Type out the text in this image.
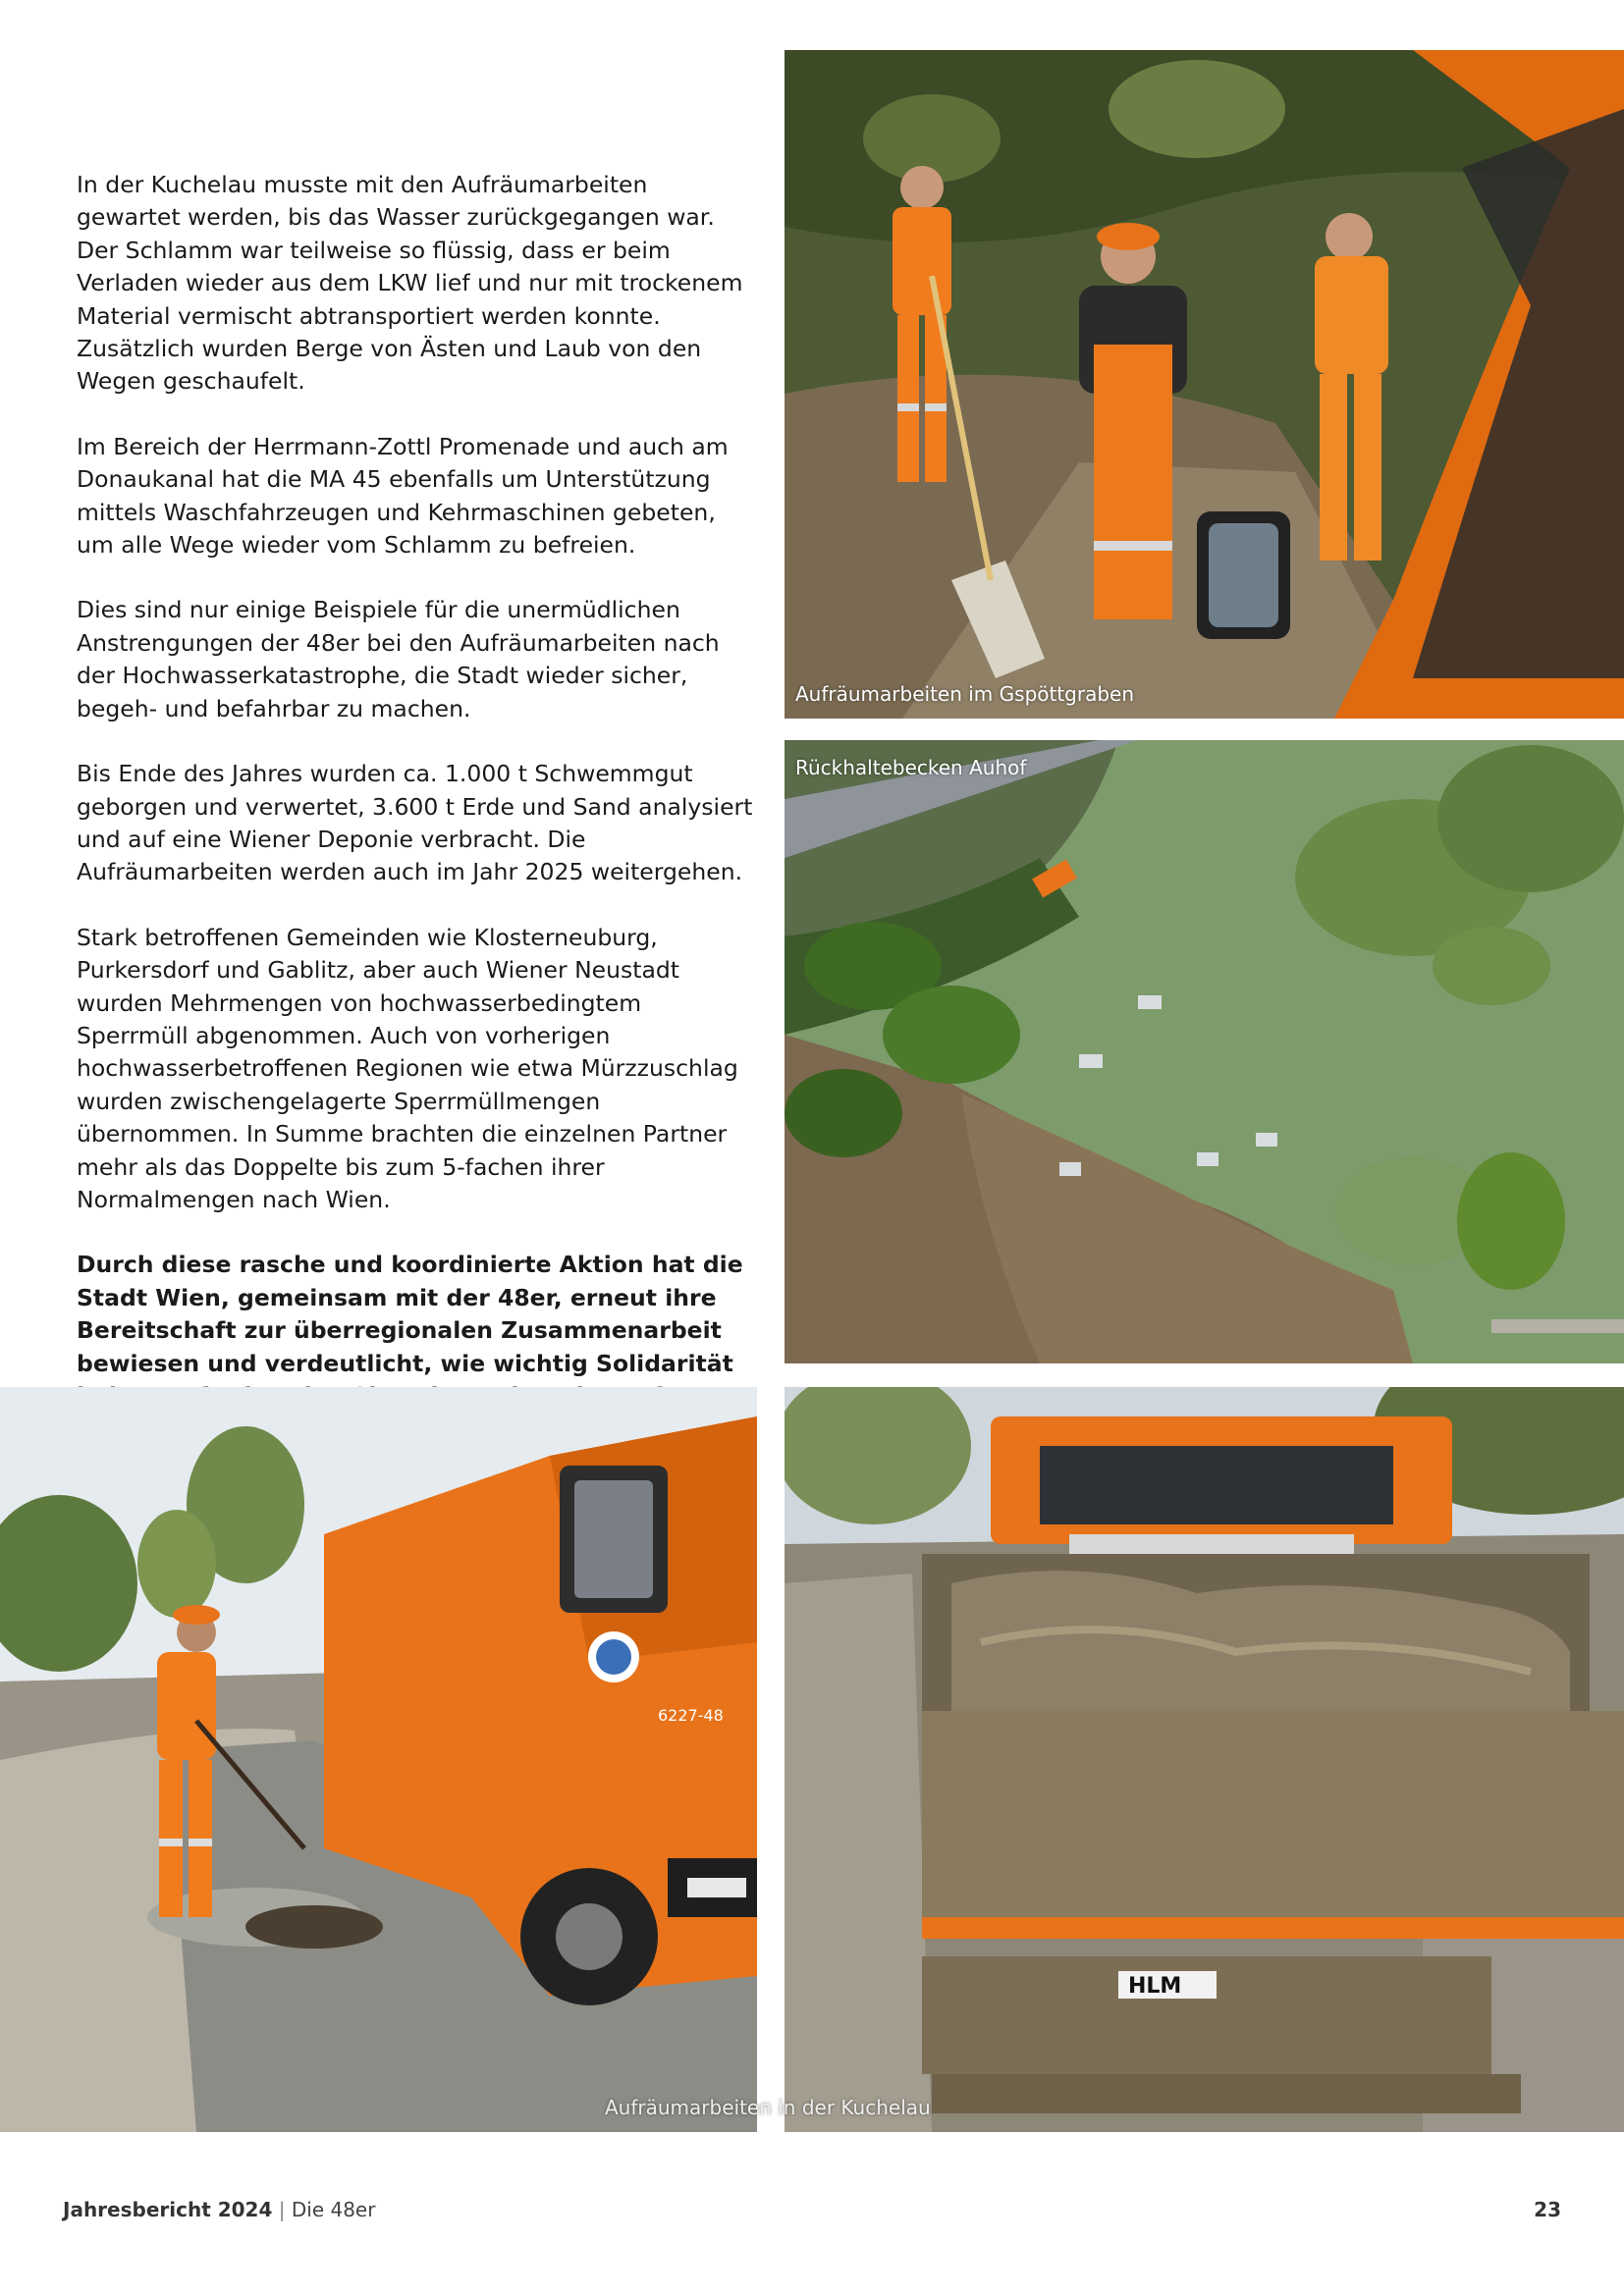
In der Kuchelau musste mit den Aufräumarbeiten gewartet werden, bis das Wasser zurückgegangen war. Der Schlamm war teilweise so flüssig, dass er beim Verladen wieder aus dem LKW lief und nur mit trockenem Material vermischt abtransportiert werden konnte. Zusätzlich wurden Berge von Ästen und Laub von den Wegen geschaufelt.

Im Bereich der Herrmann-Zottl Promenade und auch am Donaukanal hat die MA 45 ebenfalls um Unterstützung mittels Waschfahrzeugen und Kehrmaschinen gebeten, um alle Wege wieder vom Schlamm zu befreien.

Dies sind nur einige Beispiele für die unermüdlichen Anstrengungen der 48er bei den Aufräumarbeiten nach der Hochwasserkatastrophe, die Stadt wieder sicher, begeh- und befahrbar zu machen.

Bis Ende des Jahres wurden ca. 1.000 t Schwemmgut geborgen und verwertet, 3.600 t Erde und Sand analysiert und auf eine Wiener Deponie verbracht. Die Aufräumarbeiten werden auch im Jahr 2025 weitergehen.

Stark betroffenen Gemeinden wie Klosterneuburg, Purkersdorf und Gablitz, aber auch Wiener Neustadt wurden Mehrmengen von hochwasserbedingtem Sperrmüll abgenommen. Auch von vorherigen hochwasserbetroffenen Regionen wie etwa Mürzzuschlag wurden zwischengelagerte Sperrmüllmengen übernommen. In Summe brachten die einzelnen Partner mehr als das Doppelte bis zum 5-fachen ihrer Normalmengen nach Wien.

Durch diese rasche und koordinierte Aktion hat die Stadt Wien, gemeinsam mit der 48er, erneut ihre Bereitschaft zur überregionalen Zusammenarbeit bewiesen und verdeutlicht, wie wichtig Solidarität

Aufräumarbeiten im Gspöttgraben
Rückhaltebecken Auhof
6227-48
HLM
Aufräumarbeiten in der Kuchelau
Jahresbericht 2024 | Die 48er	23
